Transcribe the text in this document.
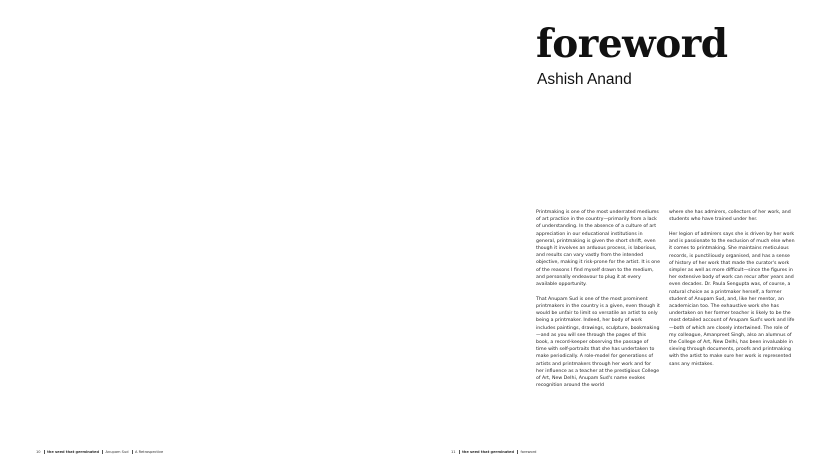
10 the seed that germinated Anupam Sud A Retrospective
foreword
Ashish Anand

Printmaking is one of the most underrated mediums of art practice in the country—primarily from a lack of understanding. In the absence of a culture of art appreciation in our educational institutions in general, printmaking is given the short shrift, even though it involves an arduous process, is laborious, and results can vary vastly from the intended objective, making it risk-prone for the artist. It is one of the reasons I find myself drawn to the medium, and personally endeavour to plug it at every available opportunity.

That Anupam Sud is one of the most prominent printmakers in the country is a given, even though it would be unfair to limit so versatile an artist to only being a printmaker. Indeed, her body of work includes paintings, drawings, sculpture, bookmaking—and as you will see through the pages of this book, a record-keeper observing the passage of time with self-portraits that she has undertaken to make periodically. A role-model for generations of artists and printmakers through her work and for her influence as a teacher at the prestigious College of Art, New Delhi, Anupam Sud's name evokes recognition around the world

where she has admirers, collectors of her work, and students who have trained under her.

Her legion of admirers says she is driven by her work and is passionate to the exclusion of much else when it comes to printmaking. She maintains meticulous records, is punctiliously organised, and has a sense of history of her work that made the curator's work simpler as well as more difficult—since the figures in her extensive body of work can recur after years and even decades. Dr. Paula Sengupta was, of course, a natural choice as a printmaker herself, a former student of Anupam Sud, and, like her mentor, an academician too. The exhaustive work she has undertaken on her former teacher is likely to be the most detailed account of Anupam Sud's work and life—both of which are closely intertwined. The role of my colleague, Amanpreet Singh, also an alumnus of the College of Art, New Delhi, has been invaluable in sieving through documents, proofs and printmaking with the artist to make sure her work is represented sans any mistakes.

11 the seed that germinated foreword
